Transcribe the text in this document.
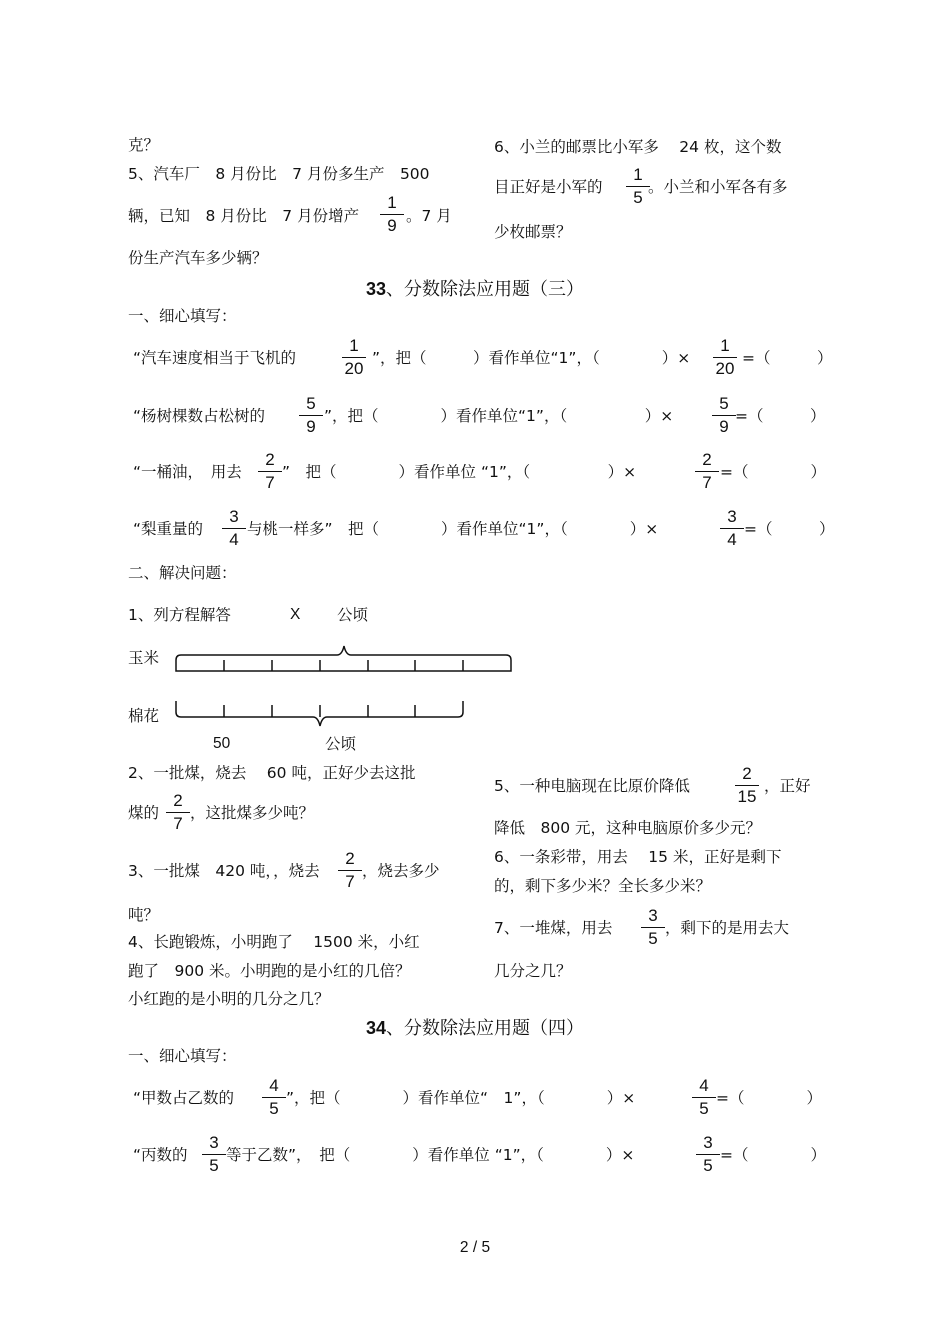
克？
5、汽车厂　8 月份比　7 月份多生产　500
辆，已知　8 月份比　7 月份增产
1
9 。7 月
份生产汽车多少辆？
6、小兰的邮票比小军多　 24 枚，这个数
目正好是小军的
1
5
。小兰和小军各有多
少枚邮票？
33、分数除法应用题（三）
一、细心填写：
“汽车速度相当于飞机的
1
20
”，把（　　　）看作单位“1”，（　　　　）×
1
20
=（　　　）
“杨树棵数占松树的
5
9
”，把（　　　　）看作单位“1”，（　　　　　）×
5
9
=（　　　）
“一桶油，　用去
2
7
”　把（　　　　）看作单位 “1”，（　　　　　）×
2
7
=（　　　　）
“梨重量的
3
4
与桃一样多”　把（　　　　）看作单位“1”，（　　　　）×
3
4
=（　　　）
二、解决问题：
1、列方程解答	X 公顷
玉米
棉花
50	公顷
2、一批煤，烧去　 60 吨，正好少去这批
煤的
2
7
，这批煤多少吨？
3、一批煤　420 吨，，烧去
2
7
，烧去多少
吨？
4、长跑锻炼，小明跑了　 1500 米，小红
跑了　900 米。小明跑的是小红的几倍？
小红跑的是小明的几分之几？
5、一种电脑现在比原价降低
2
15
，正好
降低　800 元，这种电脑原价多少元？
6、一条彩带，用去　 15 米，正好是剩下
的，剩下多少米？全长多少米？
7、一堆煤，用去
3
5
，剩下的是用去大
几分之几？
34、分数除法应用题（四）
一、细心填写：
“甲数占乙数的
4
5
”，把（　　　　）看作单位“　1”，（　　　　）×
4
5
=（　　　　）
“丙数的
3
5
等于乙数”，　把（　　　　）看作单位 “1”，（　　　　）×
3
5
=（　　　　）
2 / 5
